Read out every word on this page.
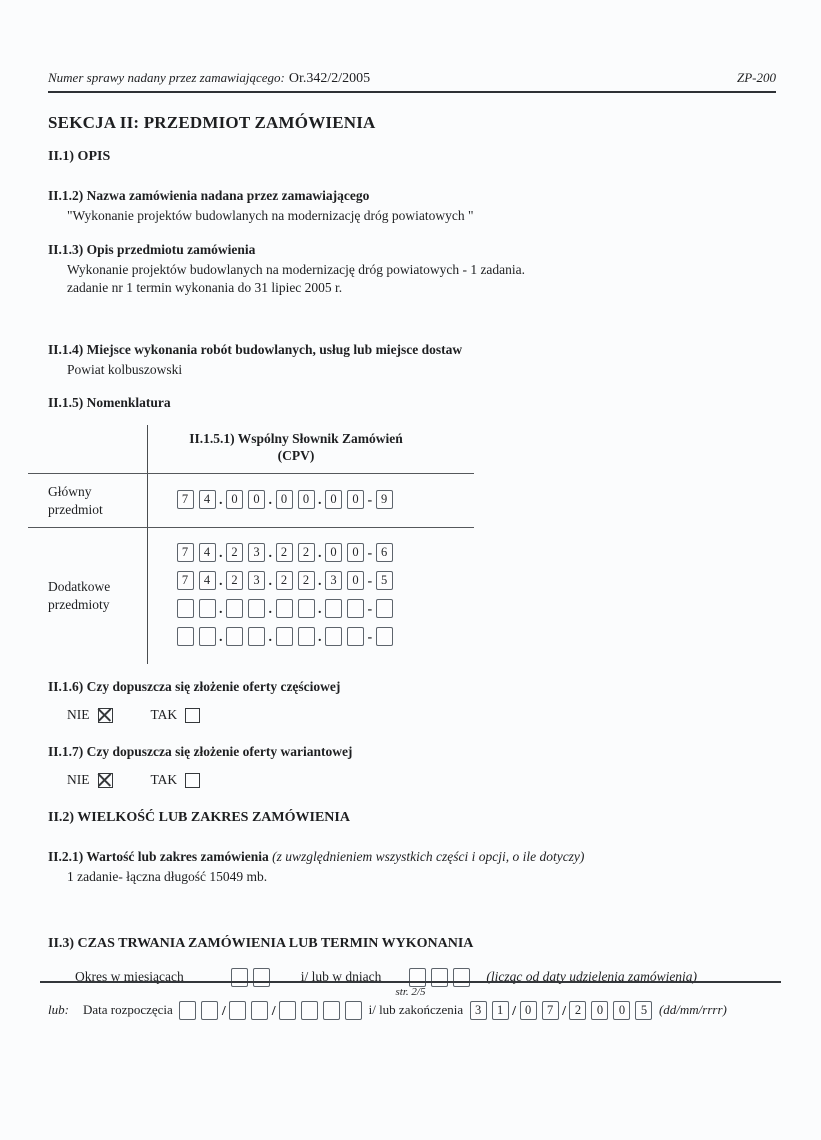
Numer sprawy nadany przez zamawiającego: Or.342/2/2005	ZP-200
SEKCJA II: PRZEDMIOT ZAMÓWIENIA
II.1) OPIS
II.1.2) Nazwa zamówienia nadana przez zamawiającego
"Wykonanie projektów budowlanych na modernizację dróg powiatowych "
II.1.3) Opis przedmiotu zamówienia
Wykonanie projektów budowlanych na modernizację dróg powiatowych - 1 zadania.
zadanie nr 1 termin wykonania do 31 lipiec 2005 r.
II.1.4) Miejsce wykonania robót budowlanych, usług lub miejsce dostaw
Powiat kolbuszowski
II.1.5) Nomenklatura
II.1.5.1) Wspólny Słownik Zamówień
(CPV)
Główny
przedmiot
7 4 . 0 0 . 0 0 . 0 0 - 9
Dodatkowe
przedmioty
7 4 . 2 3 . 2 2 . 0 0 - 6
7 4 . 2 3 . 2 2 . 3 0 - 5
.	.	.	-
.	.	.	-
II.1.6) Czy dopuszcza się złożenie oferty częściowej
NIE	TAK
II.1.7) Czy dopuszcza się złożenie oferty wariantowej
NIE	TAK
II.2) WIELKOŚĆ LUB ZAKRES ZAMÓWIENIA
II.2.1) Wartość lub zakres zamówienia (z uwzględnieniem wszystkich części i opcji, o ile dotyczy)
1 zadanie- łączna długość 15049 mb.
II.3) CZAS TRWANIA ZAMÓWIENIA LUB TERMIN WYKONANIA
Okres w miesiącach	i/ lub w dniach	(licząc od daty udzielenia zamówienia)
lub: Data rozpoczęcia	/	/	i/ lub zakończenia 3 1 / 0 7 / 2 0 0 5 (dd/mm/rrrr)
str. 2/5
